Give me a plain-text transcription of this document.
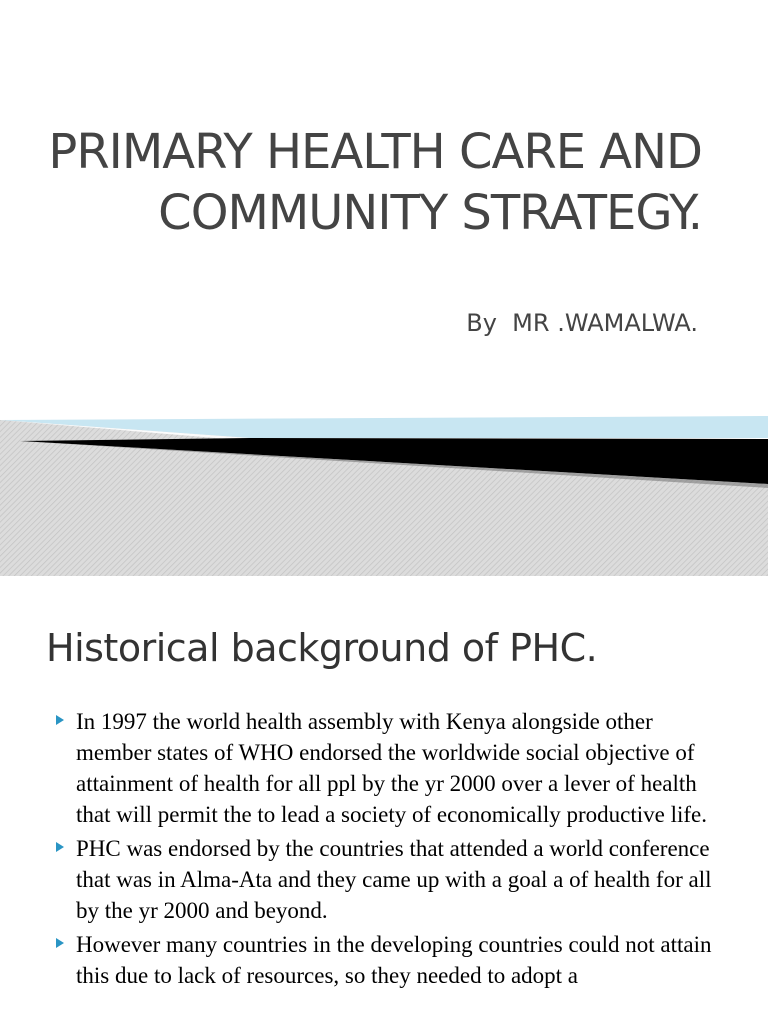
PRIMARY HEALTH CARE AND COMMUNITY STRATEGY.

By  MR .WAMALWA.

Historical background of PHC.
In 1997 the world health assembly with Kenya alongside other member states of WHO endorsed the worldwide social objective of attainment of health for all ppl by the yr 2000 over a lever of health that will permit the to lead a society of economically productive life.
PHC was endorsed by the countries that attended a world conference that was in Alma-Ata and they came up with a goal a of health for all by the yr 2000 and beyond.
However many countries in the developing countries could not attain this due to lack of resources, so they needed to adopt a
